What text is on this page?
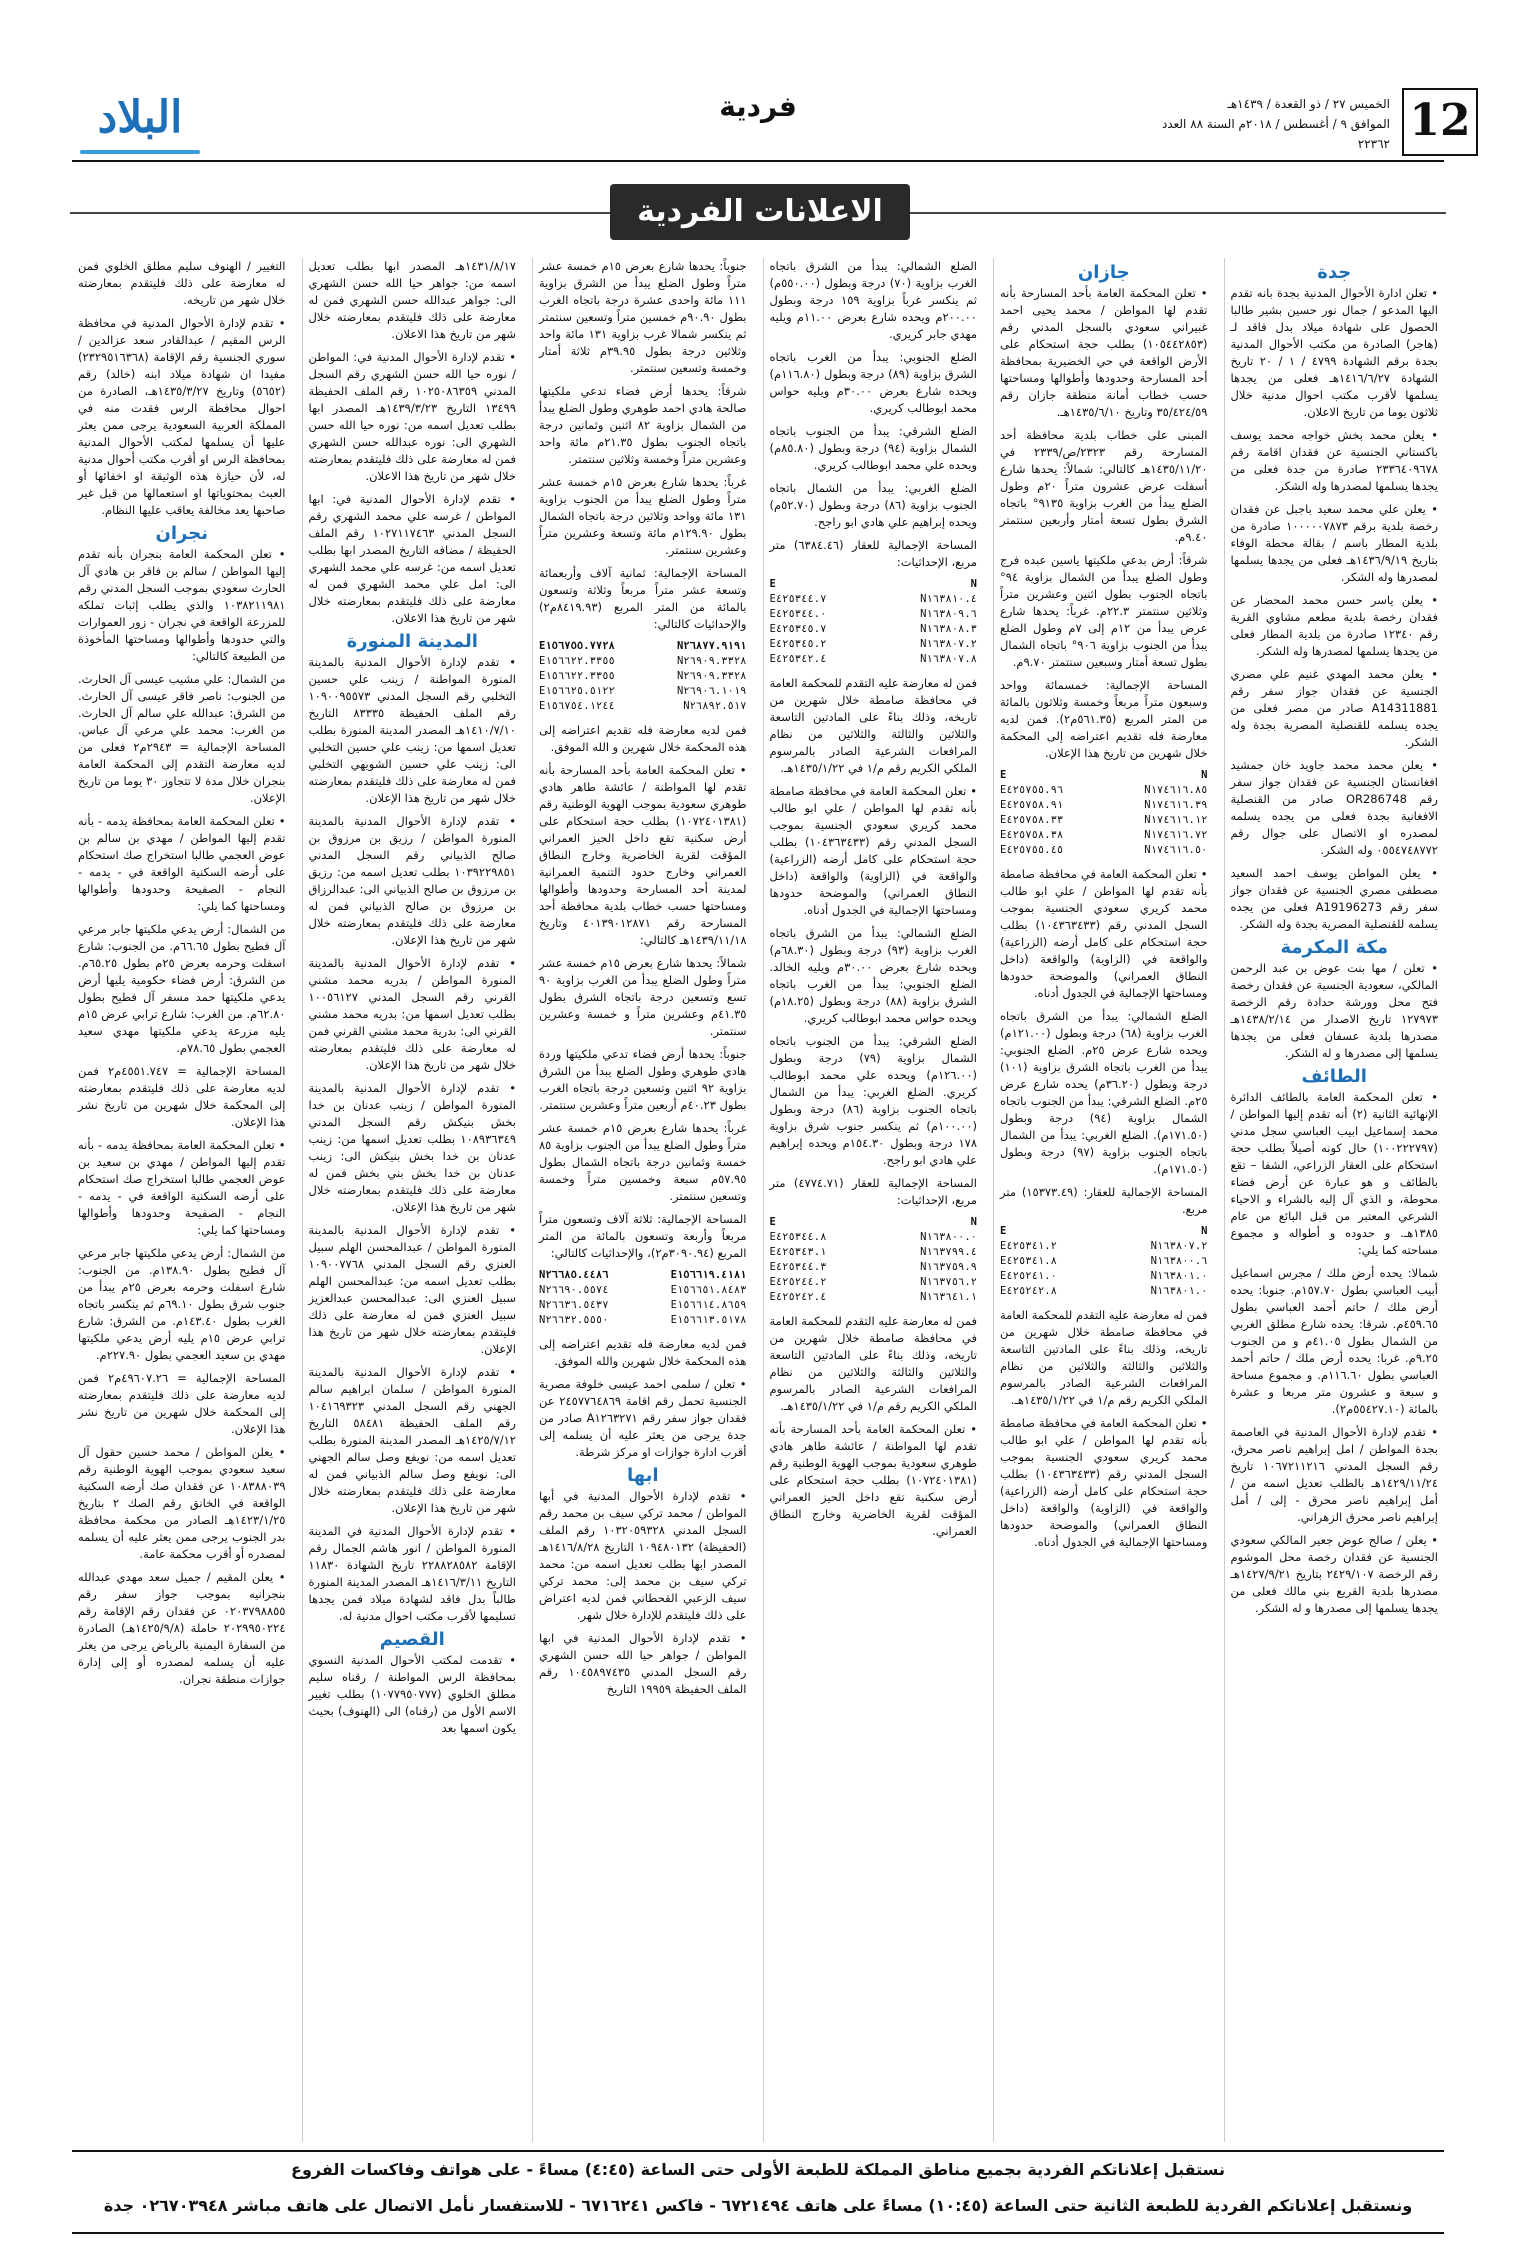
12
الخميس ٢٧ / ذو القعدة / ١٤٣٩هـ
الموافق ٩ / أغسطس / ٢٠١٨م السنة ٨٨ العدد ٢٢٣٦٢
فردية
البلاد
الاعلانات الفردية
جدة
• تعلن ادارة الأحوال المدنية بجدة بانه تقدم اليها المدعو / جمال نور حسين بشير طالبا الحصول على شهادة ميلاد بدل فاقد لـ (هاجر) الصادرة من مكتب الأحوال المدنية بجدة برقم الشهادة ٤٧٩٩ / ١ / ٢٠ تاريخ الشهادة ١٤١٦/٦/٢٧هـ فعلى من يجدها يسلمها لأقرب مكتب احوال مدنية خلال ثلاثون يوما من تاريخ الاعلان.
• يعلن محمد بخش خواجه محمد يوسف باكستاني الجنسية عن فقدان اقامة رقم ٢٣٣٦٤٠٩٦٧٨ صادرة من جدة فعلى من يجدها يسلمها لمصدرها وله الشكر.
• يعلن علي محمد سعيد باجبل عن فقدان رخصة بلدية برقم ١٠٠٠٠٠٧٨٧٣ صادرة من بلدية المطار باسم / بقالة محطة الوفاء بتاريخ ١٤٣٦/٩/١٩هـ فعلى من يجدها يسلمها لمصدرها وله الشكر.
• يعلن ياسر حسن محمد المحضار عن فقدان رخصة بلدية مطعم مشاوي القرية رقم ١٢٣٤٠ صادرة من بلدية المطار فعلى من يجدها يسلمها لمصدرها وله الشكر.
• يعلن محمد المهدي غنيم علي مصري الجنسية عن فقدان جواز سفر رقم A14311881 صادر من مصر فعلى من يجده يسلمه للقنصلية المصرية بجدة وله الشكر.
• يعلن محمد محمد جاويد خان جمشيد افغانستان الجنسية عن فقدان جواز سفر رقم OR286748 صادر من القنصلية الافغانية بجدة فعلى من يجده يسلمه لمصدره او الاتصال على جوال رقم ٠٥٥٤٧٤٨٧٧٢ وله الشكر.
• يعلن المواطن يوسف احمد السعيد مصطفى مصري الجنسية عن فقدان جواز سفر رقم A19196273 فعلى من يجده يسلمه للقنصلية المصرية بجدة وله الشكر.
مكة المكرمة
• تعلن / مها بنت عوض بن عبد الرحمن المالكي، سعودية الجنسية عن فقدان رخصة فتح محل وورشة حدادة رقم الرخصة ١٢٧٩٧٣ تاريخ الاصدار من ١٤٣٨/٢/١٤هـ مصدرها بلدية عسفان فعلى من يجدها يسلمها إلى مصدرها و له الشكر.
الطائف
• تعلن المحكمة العامة بالطائف الدائرة الإنهائية الثانية (٢) أنه تقدم إليها المواطن / محمد إسماعيل ابيب العباسي سجل مدني (١٠٠٢٢٢٧٩٧) حال كونه أصيلاً بطلب حجة استحكام على العقار الزراعي، الشفا – تقع بالطائف و هو عبارة عن أرض فضاء محوطة، و الذي آل إليه بالشراء و الاحياء الشرعي المعتبر من قبل البائع من عام ١٣٨٥هـ. و حدوده و أطواله و مجموع مساحته كما يلي:
شمالا: يحده أرض ملك / مجرس اسماعيل أبيب العباسي بطول ١٥٧.٧٠م. جنوبا: يحده أرض ملك / حاتم أحمد العباسي بطول ٤٥٩.٦٥م. شرقا: يحده شارع مطلق الغربي من الشمال بطول ٤١.٠٥م و من الجنوب ٩.٢٥م. غربا: يحده أرض ملك / حاتم أحمد العباسي بطول ١١٦.٦٠م. و مجموع مساحة و سبعة و عشرون متر مربعا و عشرة بالمائة (٥٥٤٢٧.١٠م٢).
• تقدم لإدارة الأحوال المدنية في العاصمة بجدة المواطن / امل إبراهيم ناصر محرق، رقم السجل المدني ١٠٦٧٢١١٢١٦ تاريخ ١٤٢٩/١١/٢٤هـ بالطلب تعديل اسمه من / أمل إبراهيم ناصر محرق - إلى / أمل إبراهيم ناصر محرق الزهراني.
• يعلن / صالح عوض جعير المالكي سعودي الجنسية عن فقدان رخصة محل الموشوم رقم الرخصة ٢٤٢٩/١٠٧ بتاريخ ١٤٢٧/٩/٢١هـ مصدرها بلدية القريع بني مالك فعلى من يجدها يسلمها إلى مصدرها و له الشكر.
جازان
• تعلن المحكمة العامة بأحد المسارحة بأنه تقدم لها المواطن / محمد يحيى احمد غبيراني سعودي بالسجل المدني رقم (١٠٥٤٤٢٨٥٣) بطلب حجة استحكام على الأرض الواقعة في حي الخضيرية بمحافظة أحد المسارحة وحدودها وأطوالها ومساحتها حسب خطاب أمانة منطقة جازان رقم ٣٥/٤٢٤/٥٩ وتاريخ ١٤٣٥/٦/١٠هـ.
المبنى على خطاب بلدية محافظة أحد المسارحة رقم ٢٣٢٣/ص/٢٣٣٩ في ١٤٣٥/١١/٢٠هـ كالتالي: شمالاً: يحدها شارع أسفلت عرض عشرون متراً ٢٠م وطول الضلع يبدأ من الغرب بزاوية ٩١٣٥° باتجاه الشرق بطول تسعة أمتار وأربعين سنتمتر ٩.٤٠م.
شرقاً: أرض بدعي ملكيتها ياسين عبده فرج وطول الضلع يبدأ من الشمال بزاوية ٩٤° باتجاه الجنوب بطول اثنين وعشرين متراً وثلاثين سنتمتر ٢٢.٣م. غرباً: يحدها شارع عرض يبدأ من ١٢م إلى ٧م وطول الضلع يبدأ من الجنوب بزاوية ٩٠٦° باتجاه الشمال بطول تسعة أمتار وسبعين سنتمتر ٩.٧٠م.
المساحة الإجمالية: خمسمائة وواحد وسبعون متراً مربعاً وخمسة وثلاثون بالمائة من المتر المربع (٥٦١.٣٥م٢). فمن لديه معارضة فله تقديم اعتراضه إلى المحكمة خلال شهرين من تاريخ هذا الإعلان.
E	N
E٤٢٥٧٥٥.٩٦	N١٧٤٦١٦.٨٥
E٤٢٥٧٥٨.٩١	N١٧٤٦١٦.٣٩
E٤٢٥٧٥٨.٣٣	N١٧٤٦١٦.١٢
E٤٢٥٧٥٨.٣٨	N١٧٤٦١٦.٧٢
E٤٢٥٧٥٥.٤٥	N١٧٤٦١٦.٥٠
• تعلن المحكمة العامة في محافظة صامطة بأنه تقدم لها المواطن / علي ابو طالب محمد كريري سعودي الجنسية بموجب السجل المدني رقم (١٠٤٣٦٣٤٣٣) بطلب حجة استحكام على كامل أرضه (الزراعية) والواقعة في (الزاوية) والواقعة (داخل النطاق العمراني) والموضحة حدودها ومساحتها الإجمالية في الجدول أدناه.
الضلع الشمالي: يبدأ من الشرق باتجاه الغرب بزاوية (٦٨) درجة وبطول (١٢١.٠٠م) ويحده شارع عرض ٢٥م. الضلع الجنوبي: يبدأ من الغرب باتجاه الشرق بزاوية (١٠١) درجة وبطول (٣٦.٢٠م) يحده شارع عرض ٢٥م. الضلع الشرقي: يبدأ من الجنوب باتجاه الشمال بزاوية (٩٤) درجة وبطول (١٧١.٥٠م). الضلع الغربي: يبدأ من الشمال باتجاه الجنوب بزاوية (٩٧) درجة وبطول (١٧١.٥٠م).
المساحة الإجمالية للعقار: (١٥٣٧٣.٤٩) متر مربع.
E	N
E٤٢٥٣٤١.٢	N١٦٣٨٠٧.٢
E٤٢٥٣٤١.٨	N١٦٣٨٠٠.٦
E٤٢٥٢٤١.٠	N١٦٣٨٠١.٠
E٤٢٥٢٤٢.٨	N١٦٣٨٠١.٠
فمن له معارضة عليه التقدم للمحكمة العامة في محافظة صامطة خلال شهرين من تاريخه، وذلك بناءً على المادتين التاسعة والثلاثين والثالثة والثلاثين من نظام المرافعات الشرعية الصادر بالمرسوم الملكي الكريم رقم م/١ في ١٤٣٥/١/٢٢هـ.
• تعلن المحكمة العامة في محافظة صامطة بأنه تقدم لها المواطن / علي ابو طالب محمد كريري سعودي الجنسية بموجب السجل المدني رقم (١٠٤٣٦٣٤٣٣) بطلب حجة استحكام على كامل أرضه (الزراعية) والواقعة في (الزاوية) والواقعة (داخل النطاق العمراني) والموضحة حدودها ومساحتها الإجمالية في الجدول أدناه.
الضلع الشمالي: يبدأ من الشرق باتجاه الغرب بزاوية (٧٠) درجة وبطول (٥٥٠.٠٠م) ثم ينكسر غرباً بزاوية ١٥٩ درجة وبطول ٢٠٠.٠٠م ويحده شارع بعرض ١١.٠٠م ويليه مهدي جابر كريري.
الضلع الجنوبي: يبدأ من الغرب باتجاه الشرق بزاوية (٨٩) درجة وبطول (١١٦.٨٠م) ويحده شارع بعرض ٣٠.٠٠م ويليه حواس محمد ابوطالب كريري.
الضلع الشرقي: يبدأ من الجنوب باتجاه الشمال بزاوية (٩٤) درجة وبطول (٨٥.٨٠م) ويحده علي محمد ابوطالب كريري.
الضلع الغربي: يبدأ من الشمال باتجاه الجنوب بزاوية (٨٦) درجة وبطول (٥٢.٧٠م) ويحده إبراهيم علي هادي ابو راجح.
المساحة الإجمالية للعقار (٦٣٨٤.٤٦) متر مربع، الإحداثيات:
E	N
E٤٢٥٣٤٤.٧	N١٦٣٨١٠.٤
E٤٢٥٣٤٤.٠	N١٦٣٨٠٩.٦
E٤٢٥٣٤٥.٧	N١٦٣٨٠٨.٣
E٤٢٥٣٤٥.٢	N١٦٣٨٠٧.٢
E٤٢٥٣٤٢.٤	N١٦٣٨٠٧.٨
فمن له معارضة عليه التقدم للمحكمة العامة في محافظة صامطة خلال شهرين من تاريخه، وذلك بناءً على المادتين التاسعة والثلاثين والثالثة والثلاثين من نظام المرافعات الشرعية الصادر بالمرسوم الملكي الكريم رقم م/١ في ١٤٣٥/١/٢٢هـ.
• تعلن المحكمة العامة في محافظة صامطة بأنه تقدم لها المواطن / علي ابو طالب محمد كريري سعودي الجنسية بموجب السجل المدني رقم (١٠٤٣٦٣٤٣٣) بطلب حجة استحكام على كامل أرضه (الزراعية) والواقعة في (الزاوية) والواقعة (داخل النطاق العمراني) والموضحة حدودها ومساحتها الإجمالية في الجدول أدناه.
الضلع الشمالي: يبدأ من الشرق باتجاه الغرب بزاوية (٩٣) درجة وبطول (٦٨.٣٠م) ويحده شارع بعرض ٣٠.٠٠م ويليه الخالد. الضلع الجنوبي: يبدأ من الغرب باتجاه الشرق بزاوية (٨٨) درجة وبطول (١٨.٢٥م) ويحده حواس محمد ابوطالب كريري.
الضلع الشرقي: يبدأ من الجنوب باتجاه الشمال بزاوية (٧٩) درجة وبطول (١٢٦.٠٠م) ويحده علي محمد ابوطالب كريري. الضلع الغربي: يبدأ من الشمال باتجاه الجنوب بزاوية (٨٦) درجة وبطول (١٠٠.٠٠م) ثم ينكسر جنوب شرق بزاوية ١٧٨ درجة وبطول ١٥٤.٣٠م ويحده إبراهيم علي هادي ابو راجح.
المساحة الإجمالية للعقار (٤٧٧٤.٧١) متر مربع، الإحداثيات:
E	N
E٤٢٥٣٤٤.٨	N١٦٣٨٠٠.٠
E٤٢٥٣٤٣.١	N١٦٣٧٩٩.٤
E٤٢٥٣٤٤.٣	N١٦٣٧٥٩.٩
E٤٢٥٢٤٤.٢	N١٦٣٧٥٦.٢
E٤٢٥٢٤٢.٤	N١٦٣٦٤١.١
فمن له معارضة عليه التقدم للمحكمة العامة في محافظة صامطة خلال شهرين من تاريخه، وذلك بناءً على المادتين التاسعة والثلاثين والثالثة والثلاثين من نظام المرافعات الشرعية الصادر بالمرسوم الملكي الكريم رقم م/١ في ١٤٣٥/١/٢٢هـ.
• تعلن المحكمة العامة بأحد المسارحة بأنه تقدم لها المواطنة / عائشة طاهر هادي طوهري سعودية بموجب الهوية الوطنية رقم (١٠٧٢٤٠١٣٨١) بطلب حجة استحكام على أرض سكنية تقع داخل الحيز العمراني المؤقت لقرية الخاضرية وخارج النطاق العمراني.
جنوباً: يحدها شارع بعرض ١٥م خمسة عشر متراً وطول الضلع يبدأ من الشرق بزاوية ١١١ مائة واحدى عشرة درجة باتجاه الغرب بطول ٩٠.٩٠م خمسين متراً وتسعين سنتمتر ثم ينكسر شمالا غرب بزاوية ١٣١ مائة واحد وثلاثين درجة بطول ٣٩.٩٥م ثلاثة أمتار وخمسة وتسعين سنتمتر.
شرقاً: يحدها أرض فضاء تدعي ملكيتها صالحة هادي احمد طوهري وطول الضلع يبدأ من الشمال بزاوية ٨٢ اثنين وثمانين درجة باتجاه الجنوب بطول ٢١.٣٥م مائة واحد وعشرين متراً وخمسة وثلاثين سنتمتر.
غرباً: يحدها شارع بعرض ١٥م خمسة عشر متراً وطول الضلع يبدأ من الجنوب بزاوية ١٣١ مائة وواحد وثلاثين درجة باتجاه الشمال بطول ١٢٩.٩٠م مائة وتسعة وعشرين متراً وعشرين سنتمتر.
المساحة الإجمالية: ثمانية آلاف وأربعمائة وتسعة عشر متراً مربعاً وثلاثة وتسعون بالمائة من المتر المربع (٨٤١٩.٩٣م٢) والإحداثيات كالتالي:
E١٥٦٧٥٥.٧٧٢٨	N٢٦٨٧٧.٩١٩١
E١٥٦٦٢٢.٣٣٥٥	N٢٦٩٠٩.٣٣٢٨
E١٥٦٦٢٢.٣٣٥٥	N٢٦٩٠٩.٣٣٢٨
E١٥٦٦٢٥.٥١٢٢	N٢٦٩٠٦.١٠١٩
E١٥٦٧٥٤.١٢٤٤	N٢٦٨٩٢.٥١٧
فمن لديه معارضة فله تقديم اعتراضه إلى هذه المحكمة خلال شهرين و الله الموفق.
• تعلن المحكمة العامة بأحد المسارحة بأنه تقدم لها المواطنة / عائشة طاهر هادي طوهري سعودية بموجب الهوية الوطنية رقم (١٠٧٢٤٠١٣٨١) بطلب حجة استحكام على أرض سكنية تقع داخل الحيز العمراني المؤقت لقرية الخاضرية وخارج النطاق العمراني وخارج حدود التنمية العمرانية لمدينة أحد المسارحة وحدودها وأطوالها ومساحتها حسب خطاب بلدية محافظة أحد المسارحة رقم ٤٠١٣٩٠١٢٨٧١ وتاريخ ١٤٣٩/١١/١٨هـ كالتالي:
شمالاً: يحدها شارع بعرض ١٥م خمسة عشر متراً وطول الضلع يبدأ من الغرب بزاوية ٩٠ تسع وتسعين درجة باتجاه الشرق بطول ٤١.٣٥م وعشرين متراً و خمسة وعشرين سنتمتر.
جنوباً: يحدها أرض فضاء تدعي ملكيتها وردة هادي طوهري وطول الضلع يبدأ من الشرق بزاوية ٩٢ اثنين وتسعين درجة باتجاه الغرب بطول ٤٠.٢٣م أربعين متراً وعشرين سنتمتر.
غرباً: يحدها شارع بعرض ١٥م خمسة عشر متراً وطول الضلع يبدأ من الجنوب بزاوية ٨٥ خمسة وثمانين درجة باتجاه الشمال بطول ٥٧.٩٥م سبعة وخمسين متراً وخمسة وتسعين سنتمتر.
المساحة الإجمالية: ثلاثة آلاف وتسعون متراً مربعاً وأربعة وتسعون بالمائة من المتر المربع (٣٠٩٠.٩٤م٢)، والإحداثيات كالتالي:
N٢٦٦٨٥.٤٤٨٦	E١٥٦٦١٩.٤١٨١
N٢٦٦٩٠.٥٥٧٤	E١٥٦٦٥١.٨٤٨٣
N٢٦٦٣٦.٥٤٣٧	E١٥٦٦١٤.٨٦٥٩
N٢٦٦٣٢.٥٥٥٠	E١٥٦٦١٣.٥١٧٨
فمن لديه معارضة فله تقديم اعتراضه إلى هذه المحكمة خلال شهرين والله الموفق.
• تعلن / سلمى احمد عيسى خلوفة مصرية الجنسية تحمل رقم اقامة ٢٤٥٧٧٦٤٨٦٩ عن فقدان جواز سفر رقم A١٢٦٣٢٧١ صادر من جدة يرجى من يعثر عليه أن يسلمه إلى أقرب ادارة جوازات او مركز شرطة.
ابها
• تقدم لإدارة الأحوال المدنية في أبها المواطن / محمد تركي سيف بن محمد رقم السجل المدني ١٠٣٢٠٥٩٣٢٨ رقم الملف (الحفيظة) ١٠٩٤٨٠١٣٢ التاريخ ١٤١٦/٨/٢٨هـ المصدر ابها بطلب تعديل اسمه من: محمد تركي سيف بن محمد إلى: محمد تركي سيف الزعبي القحطاني فمن لديه اعتراض على ذلك فليتقدم للإدارة خلال شهر.
• تقدم لإدارة الأحوال المدنية في ابها المواطن / جواهر حيا الله حسن الشهري رقم السجل المدني ١٠٤٥٨٩٧٤٣٥ رقم الملف الحفيظة ١٩٩٥٩ التاريخ
١٤٣١/٨/١٧هـ المصدر ابها بطلب تعديل اسمه من: جواهر حيا الله حسن الشهري الى: جواهر عبدالله حسن الشهري فمن له معارضة على ذلك فليتقدم بمعارضته خلال شهر من تاريخ هذا الاعلان.
• تقدم لإدارة الأحوال المدنية في: المواطن / نوره حيا الله حسن الشهري رقم السجل المدني ١٠٢٥٠٨٦٣٥٩ رقم الملف الحفيظة ١٣٤٩٩ التاريخ ١٤٣٩/٣/٢٣هـ المصدر ابها بطلب تعديل اسمه من: نوره حيا الله حسن الشهري الى: نوره عبدالله حسن الشهري فمن له معارضة على ذلك فليتقدم بمعارضته خلال شهر من تاريخ هذا الاعلان.
• تقدم لإدارة الأحوال المدنية في: ابها المواطن / غرسه علي محمد الشهري رقم السجل المدني ١٠٢٧١١٧٤٦٣ رقم الملف الحفيظة / مضافه التاريخ المصدر ابها بطلب تعديل اسمه من: غرسه علي محمد الشهري الى: امل علي محمد الشهري فمن له معارضة على ذلك فليتقدم بمعارضته خلال شهر من تاريخ هذا الاعلان.
المدينة المنورة
• تقدم لإدارة الأحوال المدنية بالمدينة المنورة المواطنة / زينب علي حسين التخلبي رقم السجل المدني ١٠٩٠٠٩٥٥٧٣ رقم الملف الحفيظة ٨٣٣٣٥ التاريخ ١٤١٠/٧/١٠هـ المصدر المدينة المنورة بطلب تعديل اسمها من: زينب علي حسين التخلبي الى: زينب علي حسين الشويهي التخلبي فمن له معارضة على ذلك فليتقدم بمعارضته خلال شهر من تاريخ هذا الإعلان.
• تقدم لإدارة الأحوال المدنية بالمدينة المنورة المواطن / رزيق بن مرزوق بن صالح الذبياني رقم السجل المدني ١٠٣٩٢٢٩٨٥١ بطلب تعديل اسمه من: رزيق بن مرزوق بن صالح الذبياني الى: عبدالرزاق بن مرزوق بن صالح الذبياني فمن له معارضة على ذلك فليتقدم بمعارضته خلال شهر من تاريخ هذا الإعلان.
• تقدم لإدارة الأحوال المدنية بالمدينة المنورة المواطن / بدريه محمد مشني القرني رقم السجل المدني ١٠٠٥٦١٢٧ بطلب تعديل اسمها من: بدريه محمد مشني القرني الى: بدرية محمد مشني القرني فمن له معارضة على ذلك فليتقدم بمعارضته خلال شهر من تاريخ هذا الإعلان.
• تقدم لإدارة الأحوال المدنية بالمدينة المنورة المواطن / زينب عدنان بن خدا بخش بنيكش رقم السجل المدني ١٠٨٩٣٦٣٤٩ بطلب تعديل اسمها من: زينب عدنان بن خدا بخش بنيكش الى: زينب عدنان بن خدا بخش بني بخش فمن له معارضة على ذلك فليتقدم بمعارضته خلال شهر من تاريخ هذا الإعلان.
• تقدم لإدارة الأحوال المدنية بالمدينة المنورة المواطن / عبدالمحسن الهلم سبيل العنزي رقم السجل المدني ١٠٩٠٠٧٧٦٨ بطلب تعديل اسمه من: عبدالمحسن الهلم سبيل العنزي الى: عبدالمحسن عبدالعزيز سبيل العنزي فمن له معارضة على ذلك فليتقدم بمعارضته خلال شهر من تاريخ هذا الإعلان.
• تقدم لإدارة الأحوال المدنية بالمدينة المنورة المواطن / سلمان ابراهيم سالم الجهني رقم السجل المدني ١٠٤١٦٩٣٢٣ رقم الملف الحفيظة ٥٨٤٨١ التاريخ ١٤٢٥/٧/١٢هـ المصدر المدينة المنورة بطلب تعديل اسمه من: نويفع وصل سالم الجهني الى: نويفع وصل سالم الذبياني فمن له معارضة على ذلك فليتقدم بمعارضته خلال شهر من تاريخ هذا الإعلان.
• تقدم لإدارة الأحوال المدنية في المدينة المنورة المواطن / انور هاشم الجمال رقم الإقامة ٢٢٨٨٢٨٥٨٢ تاريخ الشهادة ١١٨٣٠ التاريخ ١٤١٦/٣/١١هـ المصدر المدينة المنورة طالباً بدل فاقد لشهادة ميلاد فمن يجدها تسليمها لأقرب مكتب احوال مدنية له.
القصيم
• تقدمت لمكتب الأحوال المدنية النسوي بمحافظة الرس المواطنة / رقناه سليم مطلق الخلوي (١٠٧٧٩٥٠٧٧٧) بطلب تغيير الاسم الأول من (رقناه) الى (الهنوف) بحيث يكون اسمها بعد
التغيير / الهنوف سليم مطلق الخلوي فمن له معارضة على ذلك فليتقدم بمعارضته خلال شهر من تاريخه.
• تقدم لإدارة الأحوال المدنية في محافظة الرس المقيم / عبدالقادر سعد عزالدين / سوري الجنسية رقم الإقامة (٢٣٢٩٥١٦٣٦٨) مفيدا ان شهادة ميلاد ابنه (خالد) رقم (٥٦٥٢) وتاريخ ١٤٣٥/٣/٢٧هـ، الصادرة من احوال محافظة الرس فقدت منه في المملكة العربية السعودية يرجى ممن يعثر عليها أن يسلمها لمكتب الأحوال المدنية بمحافظة الرس او أقرب مكتب أحوال مدنية له، لأن حيازة هذه الوثيقة او اخفائها أو العبث بمحتوياتها او استعمالها من قبل غير صاحبها يعد مخالفة يعاقب عليها النظام.
نجران
• تعلن المحكمة العامة بنجران بأنه تقدم إليها المواطن / سالم بن فاقر بن هادي آل الحارث سعودي بموجب السجل المدني رقم ١٠٣٨٢١١٩٨١ والذي يطلب إثبات تملكه للمزرعة الواقعة في نجران - زور العموارات والتي حدودها وأطوالها ومساحتها المأخوذة من الطبيعة كالتالي:
من الشمال: علي مشيب عيسى آل الحارث. من الجنوب: ناصر فاقر عيسى آل الحارث. من الشرق: عبدالله علي سالم آل الحارث. من الغرب: محمد علي مرعي آل عباس. المساحة الإجمالية = ٢٩٤٣م٢ فعلى من لديه معارضة التقدم إلى المحكمة العامة بنجران خلال مدة لا تتجاوز ٣٠ يوما من تاريخ الإعلان.
• تعلن المحكمة العامة بمحافظة يدمه - بأنه تقدم إليها المواطن / مهدي بن سالم بن عوض العجمي طالبا استخراج صك استحكام على أرضه السكنية الواقعة في - يدمه - النجام - الصفيحة وحدودها وأطوالها ومساحتها كما يلي:
من الشمال: أرض يدعي ملكيتها جابر مرعي آل فطيح بطول ٦٦.٦٥م. من الجنوب: شارع اسفلت وحرمه بعرض ٢٥م بطول ٦٥.٢٥م. من الشرق: أرض فضاء حكومية يليها أرض يدعي ملكيتها حمد مسفر آل فطيح بطول ٦٢.٨٠م. من الغرب: شارع ترابي عرض ١٥م يليه مزرعة يدعي ملكيتها مهدي سعيد العجمي بطول ٧٨.٦٥م.
المساحة الإجمالية = ٤٥٥١.٧٤٧م٢ فمن لديه معارضة على ذلك فليتقدم بمعارضته إلى المحكمة خلال شهرين من تاريخ نشر هذا الإعلان.
• تعلن المحكمة العامة بمحافظة يدمه - بأنه تقدم إليها المواطن / مهدي بن سعيد بن عوض العجمي طالبا استخراج صك استحكام على أرضه السكنية الواقعة في - يدمه - النجام - الصفيحة وحدودها وأطوالها ومساحتها كما يلي:
من الشمال: أرض يدعي ملكيتها جابر مرعي آل فطيح بطول ١٣٨.٩٠م. من الجنوب: شارع اسفلت وحرمه بعرض ٢٥م يبدأ من جنوب شرق بطول ٦٩.١٠م ثم ينكسر باتجاه الغرب بطول ١٤٣.٤٠م. من الشرق: شارع ترابي عرض ١٥م يليه أرض يدعي ملكيتها مهدي بن سعيد العجمي بطول ٢٢٧.٩٠م.
المساحة الإجمالية = ٤٩٦٠٧.٢٦م٢ فمن لديه معارضة على ذلك فليتقدم بمعارضته إلى المحكمة خلال شهرين من تاريخ نشر هذا الإعلان.
• يعلن المواطن / محمد حسين حقول آل سعيد سعودي بموجب الهوية الوطنية رقم ١٠٨٣٨٨٠٣٩ عن فقدان صك أرضه السكنية الواقعة في الخانق رقم الصك ٢ بتاريخ ١٤٢٣/١/٢٥هـ الصادر من محكمة محافظة بدر الجنوب يرجى ممن يعثر عليه أن يسلمه لمصدره أو أقرب محكمة عامة.
• يعلن المقيم / جميل سعد مهدي عبدالله بنجرانيه بموجب جواز سفر رقم ٠٢٠٣٧٩٨٨٥٥ عن فقدان رقم الإقامة رقم ٢٠٢٩٩٥٠٢٢٤ حاملة (١٤٢٥/٩/٨هـ) الصادرة من السفارة اليمنية بالرياض يرجى من يعثر عليه أن يسلمه لمصدره أو إلى إدارة جوازات منطقة نجران.
نستقبل إعلاناتكم الفردية بجميع مناطق المملكة للطبعة الأولى حتى الساعة (٤:٤٥) مساءً - على هواتف وفاكسات الفروع
ونستقبل إعلاناتكم الفردية للطبعة الثانية حتى الساعة (١٠:٤٥) مساءً على هاتف ٦٧٢١٤٩٤ - فاكس ٦٧١٦٢٤١ - للاستفسار نأمل الاتصال على هاتف مباشر ٠٢٦٧٠٣٩٤٨ جدة
